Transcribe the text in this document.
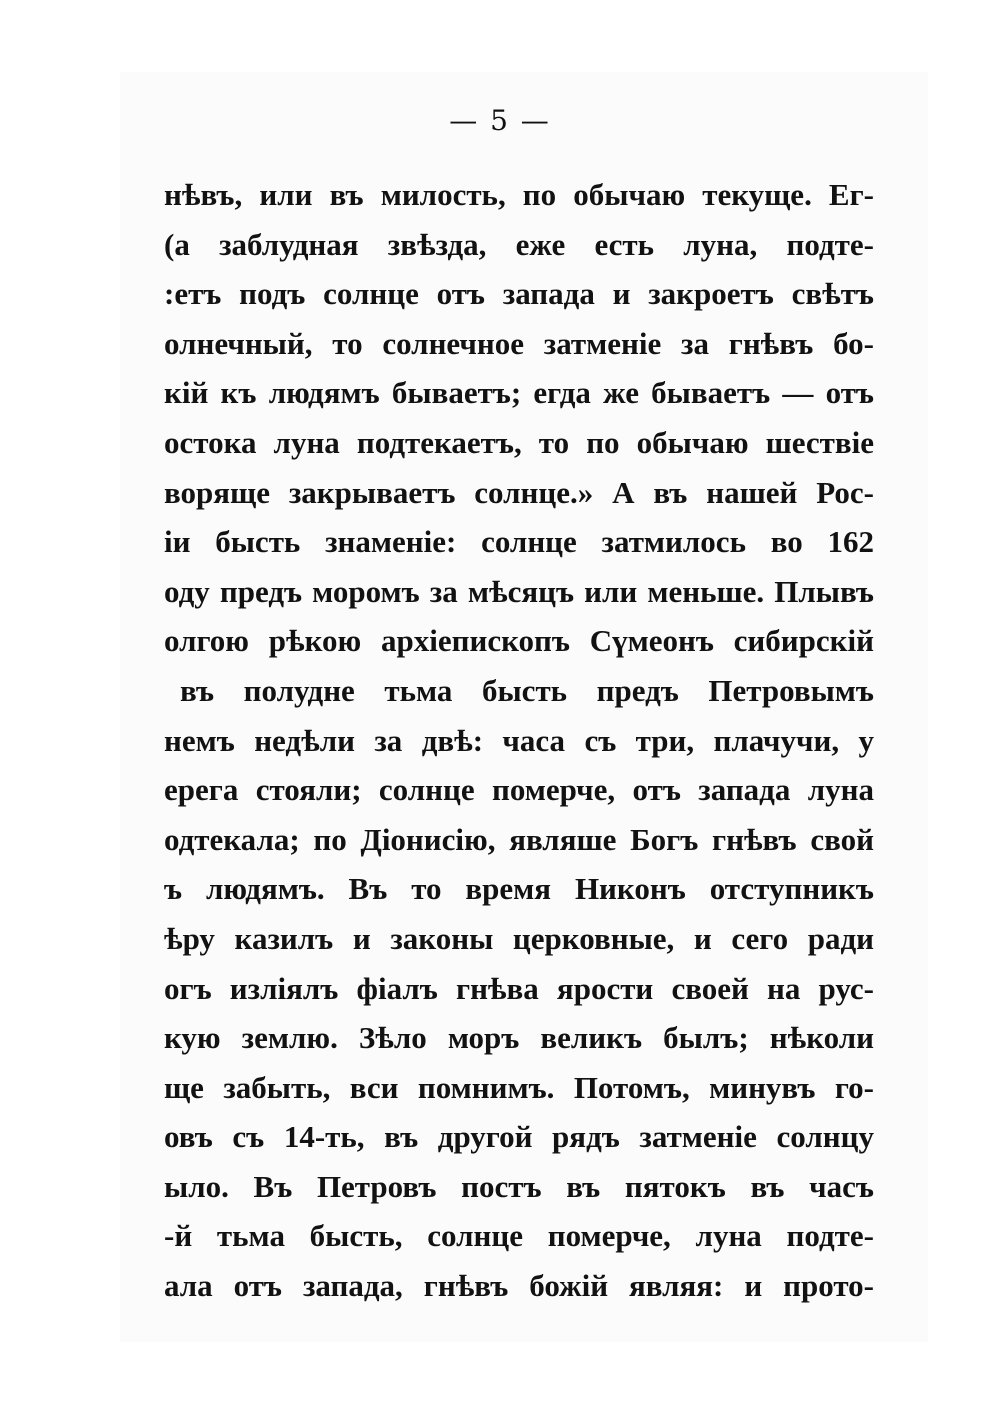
— 5 —
нѣвъ, или въ милость, по обычаю текуще. Ег-
(а заблудная звѣзда, еже есть луна, подте-
:етъ подъ солнце отъ запада и закроетъ свѣтъ
олнечный, то солнечное затменіе за гнѣвъ бо-
кій къ людямъ бываетъ; егда же бываетъ — отъ
остока луна подтекаетъ, то по обычаю шествіе
воряще закрываетъ солнце.» А въ нашей Рос-
іи бысть знаменіе: солнце затмилось во 162
оду предъ моромъ за мѣсяцъ или меньше. Плывъ
олгою рѣкою архіепископъ Сүмеонъ сибирскій
въ полудне тьма бысть предъ Петровымъ
немъ недѣли за двѣ: часа съ три, плачучи, у
ерега стояли; солнце померче, отъ запада луна
одтекала; по Діонисію, являше Богъ гнѣвъ свой
ъ людямъ. Въ то время Никонъ отступникъ
ѣру казилъ и законы церковные, и сего ради
огъ изліялъ фіалъ гнѣва ярости своей на рус-
кую землю. Зѣло моръ великъ былъ; нѣколи
ще забыть, вси помнимъ. Потомъ, минувъ го-
овъ съ 14-ть, въ другой рядъ затменіе солнцу
ыло. Въ Петровъ постъ въ пятокъ въ часъ
-й тьма бысть, солнце померче, луна подте-
ала отъ запада, гнѣвъ божій являя: и прото-
